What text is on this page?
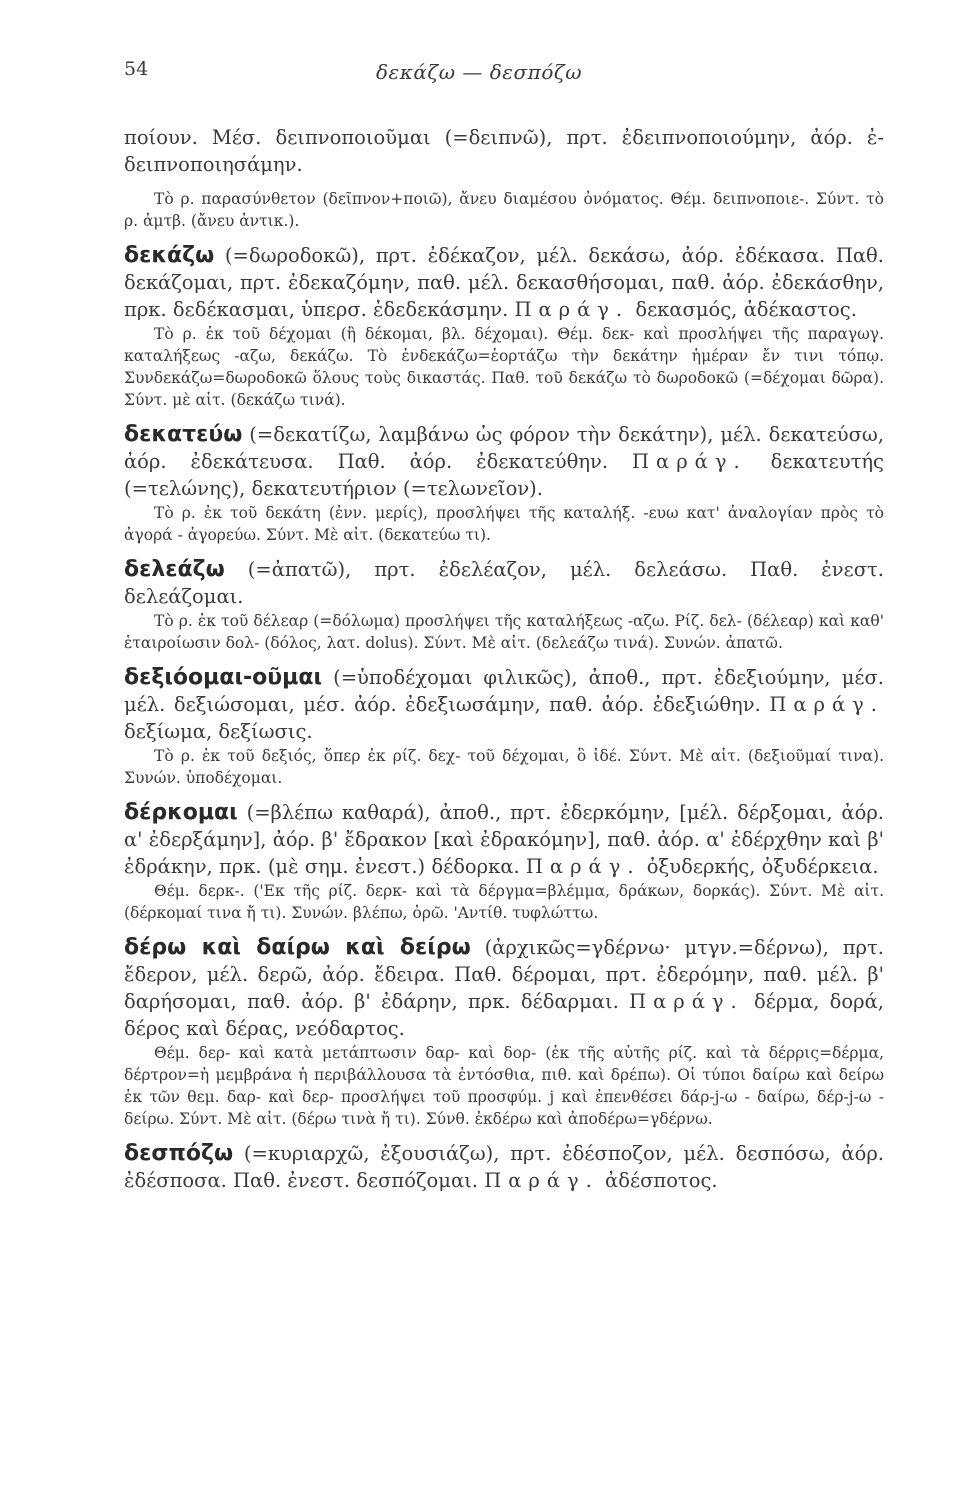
54	δεκάζω — δεσπόζω

ποίουν. Μέσ. δειπνοποιοῦμαι (=δειπνῶ), πρτ. ἐδειπνοποιούμην, ἀόρ. ἐ-δειπνοποιησάμην.

Τὸ ρ. παρασύνθετον (δεῖπνον+ποιῶ), ἄνευ διαμέσου ὀνόματος. Θέμ. δειπνοποιε-. Σύντ. τὸ ρ. ἀμτβ. (ἄνευ ἀντικ.).

δεκάζω (=δωροδοκῶ), πρτ. ἐδέκαζον, μέλ. δεκάσω, ἀόρ. ἐδέκασα. Παθ. δεκάζομαι, πρτ. ἐδεκαζόμην, παθ. μέλ. δεκασθήσομαι, παθ. ἀόρ. ἐδεκάσθην, πρκ. δεδέκασμαι, ὑπερσ. ἐδεδεκάσμην. Παράγ. δεκασμός, ἀδέκαστος.

Τὸ ρ. ἐκ τοῦ δέχομαι (ἢ δέκομαι, βλ. δέχομαι). Θέμ. δεκ- καὶ προσλήψει τῆς παραγωγ. καταλήξεως -αζω, δεκάζω. Τὸ ἐνδεκάζω=ἑορτάζω τὴν δεκάτην ἡμέραν ἔν τινι τόπῳ. Συνδεκάζω=δωροδοκῶ ὅλους τοὺς δικαστάς. Παθ. τοῦ δεκάζω τὸ δωροδοκῶ (=δέχομαι δῶρα). Σύντ. μὲ αἰτ. (δεκάζω τινά).

δεκατεύω (=δεκατίζω, λαμβάνω ὡς φόρον τὴν δεκάτην), μέλ. δεκατεύσω, ἀόρ. ἐδεκάτευσα. Παθ. ἀόρ. ἐδεκατεύθην. Παράγ. δεκατευτής (=τελώνης), δεκατευτήριον (=τελωνεῖον).

Τὸ ρ. ἐκ τοῦ δεκάτη (ἐνν. μερίς), προσλήψει τῆς καταλήξ. -ευω κατ' ἀναλογίαν πρὸς τὸ ἀγορά - ἀγορεύω. Σύντ. Μὲ αἰτ. (δεκατεύω τι).

δελεάζω (=ἀπατῶ), πρτ. ἐδελέαζον, μέλ. δελεάσω. Παθ. ἐνεστ. δελεάζομαι.

Τὸ ρ. ἐκ τοῦ δέλεαρ (=δόλωμα) προσλήψει τῆς καταλήξεως -αζω. Ρίζ. δελ- (δέλεαρ) καὶ καθ' ἑταιροίωσιν δολ- (δόλος, λατ. dolus). Σύντ. Μὲ αἰτ. (δελεάζω τινά). Συνών. ἀπατῶ.

δεξιόομαι-οῦμαι (=ὑποδέχομαι φιλικῶς), ἀποθ., πρτ. ἐδεξιούμην, μέσ. μέλ. δεξιώσομαι, μέσ. ἀόρ. ἐδεξιωσάμην, παθ. ἀόρ. ἐδεξιώθην. Παράγ. δεξίωμα, δεξίωσις.

Τὸ ρ. ἐκ τοῦ δεξιός, ὅπερ ἐκ ρίζ. δεχ- τοῦ δέχομαι, ὃ ἰδέ. Σύντ. Μὲ αἰτ. (δεξιοῦμαί τινα). Συνών. ὑποδέχομαι.

δέρκομαι (=βλέπω καθαρά), ἀποθ., πρτ. ἐδερκόμην, [μέλ. δέρξομαι, ἀόρ. α' ἐδερξάμην], ἀόρ. β' ἔδρακον [καὶ ἐδρακόμην], παθ. ἀόρ. α' ἐδέρχθην καὶ β' ἐδράκην, πρκ. (μὲ σημ. ἐνεστ.) δέδορκα. Παράγ. ὀξυδερκής, ὀξυδέρκεια.

Θέμ. δερκ-. ('Εκ τῆς ρίζ. δερκ- καὶ τὰ δέργμα=βλέμμα, δράκων, δορκάς). Σύντ. Μὲ αἰτ. (δέρκομαί τινα ἤ τι). Συνών. βλέπω, ὁρῶ. 'Αντίθ. τυφλώττω.

δέρω καὶ δαίρω καὶ δείρω (ἀρχικῶς=γδέρνω· μτγν.=δέρνω), πρτ. ἔδερον, μέλ. δερῶ, ἀόρ. ἔδειρα. Παθ. δέρομαι, πρτ. ἐδερόμην, παθ. μέλ. β' δαρήσομαι, παθ. ἀόρ. β' ἐδάρην, πρκ. δέδαρμαι. Παράγ. δέρμα, δορά, δέρος καὶ δέρας, νεόδαρτος.

Θέμ. δερ- καὶ κατὰ μετάπτωσιν δαρ- καὶ δορ- (ἐκ τῆς αὐτῆς ρίζ. καὶ τὰ δέρρις=δέρμα, δέρτρον=ἡ μεμβράνα ἡ περιβάλλουσα τὰ ἐντόσθια, πιθ. καὶ δρέπω). Οἱ τύποι δαίρω καὶ δείρω ἐκ τῶν θεμ. δαρ- καὶ δερ- προσλήψει τοῦ προσφύμ. j καὶ ἐπενθέσει δάρ-j-ω - δαίρω, δέρ-j-ω - δείρω. Σύντ. Μὲ αἰτ. (δέρω τινὰ ἤ τι). Σύνθ. ἐκδέρω καὶ ἀποδέρω=γδέρνω.

δεσπόζω (=κυριαρχῶ, ἐξουσιάζω), πρτ. ἐδέσποζον, μέλ. δεσπόσω, ἀόρ. ἐδέσποσα. Παθ. ἐνεστ. δεσπόζομαι. Παράγ. ἀδέσποτος.
